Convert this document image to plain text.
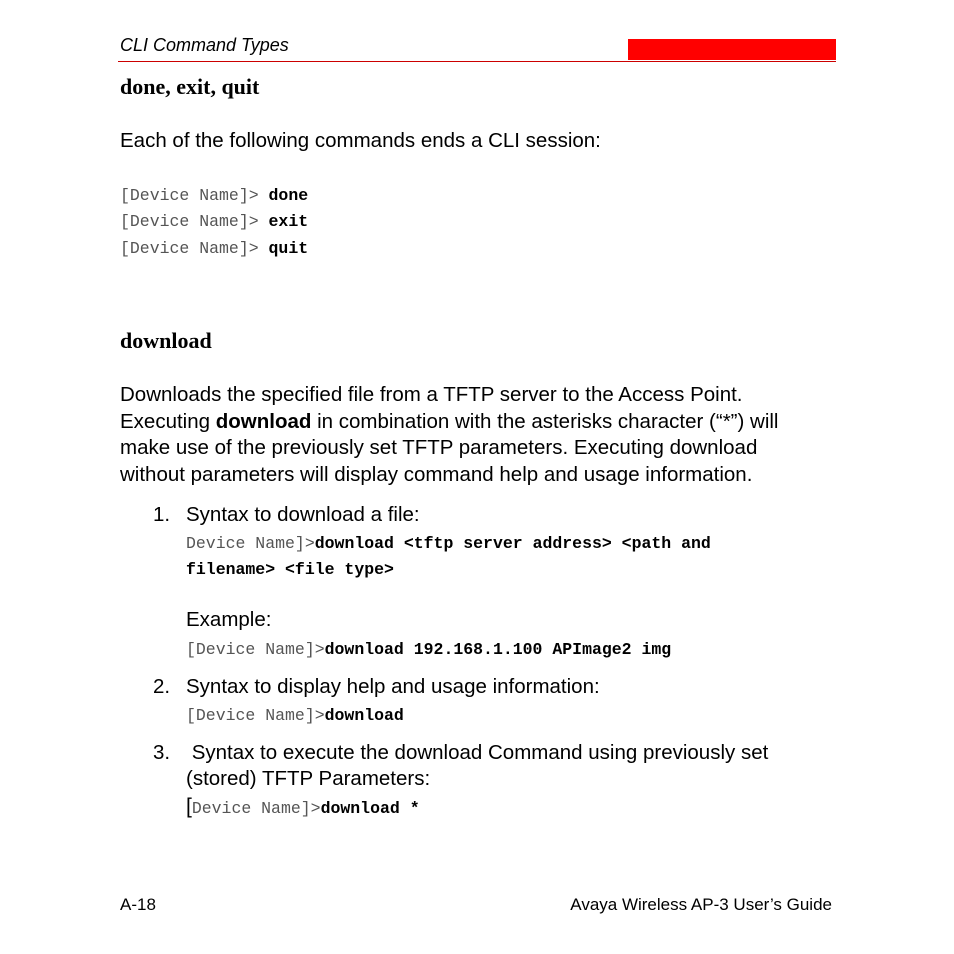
CLI Command Types
done, exit, quit
Each of the following commands ends a CLI session:
[Device Name]> done
[Device Name]> exit
[Device Name]> quit
download
Downloads the specified file from a TFTP server to the Access Point.
Executing download in combination with the asterisks character (“*”) will
make use of the previously set TFTP parameters. Executing download
without parameters will display command help and usage information.
1. Syntax to download a file:
Device Name]>download <tftp server address> <path and
filename> <file type>
Example:
[Device Name]>download 192.168.1.100 APImage2 img
2. Syntax to display help and usage information:
[Device Name]>download
3. Syntax to execute the download Command using previously set
(stored) TFTP Parameters:
[Device Name]>download *
A-18	Avaya Wireless AP-3 User’s Guide
